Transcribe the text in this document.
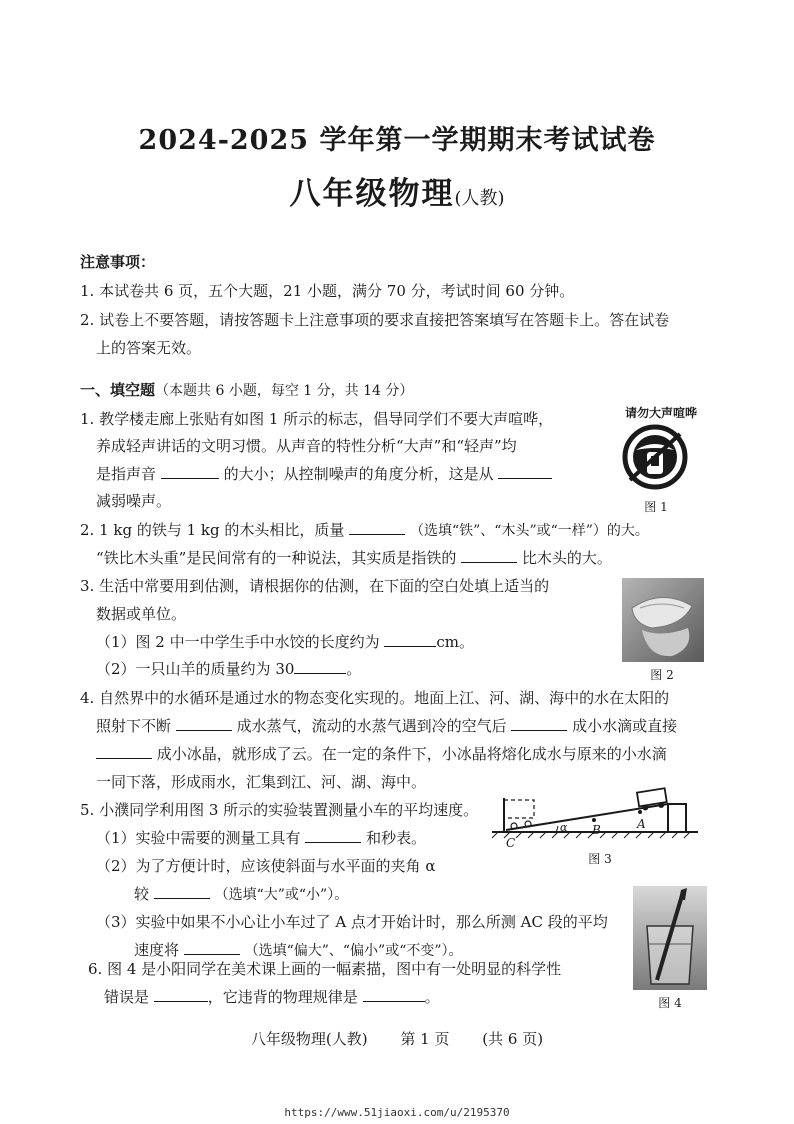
2024-2025 学年第一学期期末考试试卷
八年级物理(人教)
注意事项：
1. 本试卷共 6 页，五个大题，21 小题，满分 70 分，考试时间 60 分钟。
2. 试卷上不要答题，请按答题卡上注意事项的要求直接把答案填写在答题卡上。答在试卷
上的答案无效。
一、填空题（本题共 6 小题，每空 1 分，共 14 分）
1. 教学楼走廊上张贴有如图 1 所示的标志，倡导同学们不要大声喧哗，
养成轻声讲话的文明习惯。从声音的特性分析“大声”和“轻声”均
是指声音	的大小；从控制噪声的角度分析，这是从
减弱噪声。
请勿大声喧哗
图 1
2. 1 kg 的铁与 1 kg 的木头相比，质量	（选填“铁”、“木头”或“一样”）的大。
“铁比木头重”是民间常有的一种说法，其实质是指铁的	比木头的大。
3. 生活中常要用到估测，请根据你的估测，在下面的空白处填上适当的
数据或单位。
（1）图 2 中一中学生手中水饺的长度约为	cm。
（2）一只山羊的质量约为 30	。	图 2
4. 自然界中的水循环是通过水的物态变化实现的。地面上江、河、湖、海中的水在太阳的
照射下不断	成水蒸气，流动的水蒸气遇到冷的空气后	成小水滴或直接
成小冰晶，就形成了云。在一定的条件下，小冰晶将熔化成水与原来的小水滴
一同下落，形成雨水，汇集到江、河、湖、海中。
5. 小濮同学利用图 3 所示的实验装置测量小车的平均速度。
（1）实验中需要的测量工具有	和秒表。
（2）为了方便计时，应该使斜面与水平面的夹角 α
较	（选填“大”或“小”）。
（3）实验中如果不小心让小车过了 A 点才开始计时，那么所测 AC 段的平均
速度将	（选填“偏大”、“偏小”或“不变”）。
A
B
C
α
图 3
6. 图 4 是小阳同学在美术课上画的一幅素描，图中有一处明显的科学性
错误是	，它违背的物理规律是	。	图 4
八年级物理(人教) 第 1 页 (共 6 页)
https://www.51jiaoxi.com/u/2195370
